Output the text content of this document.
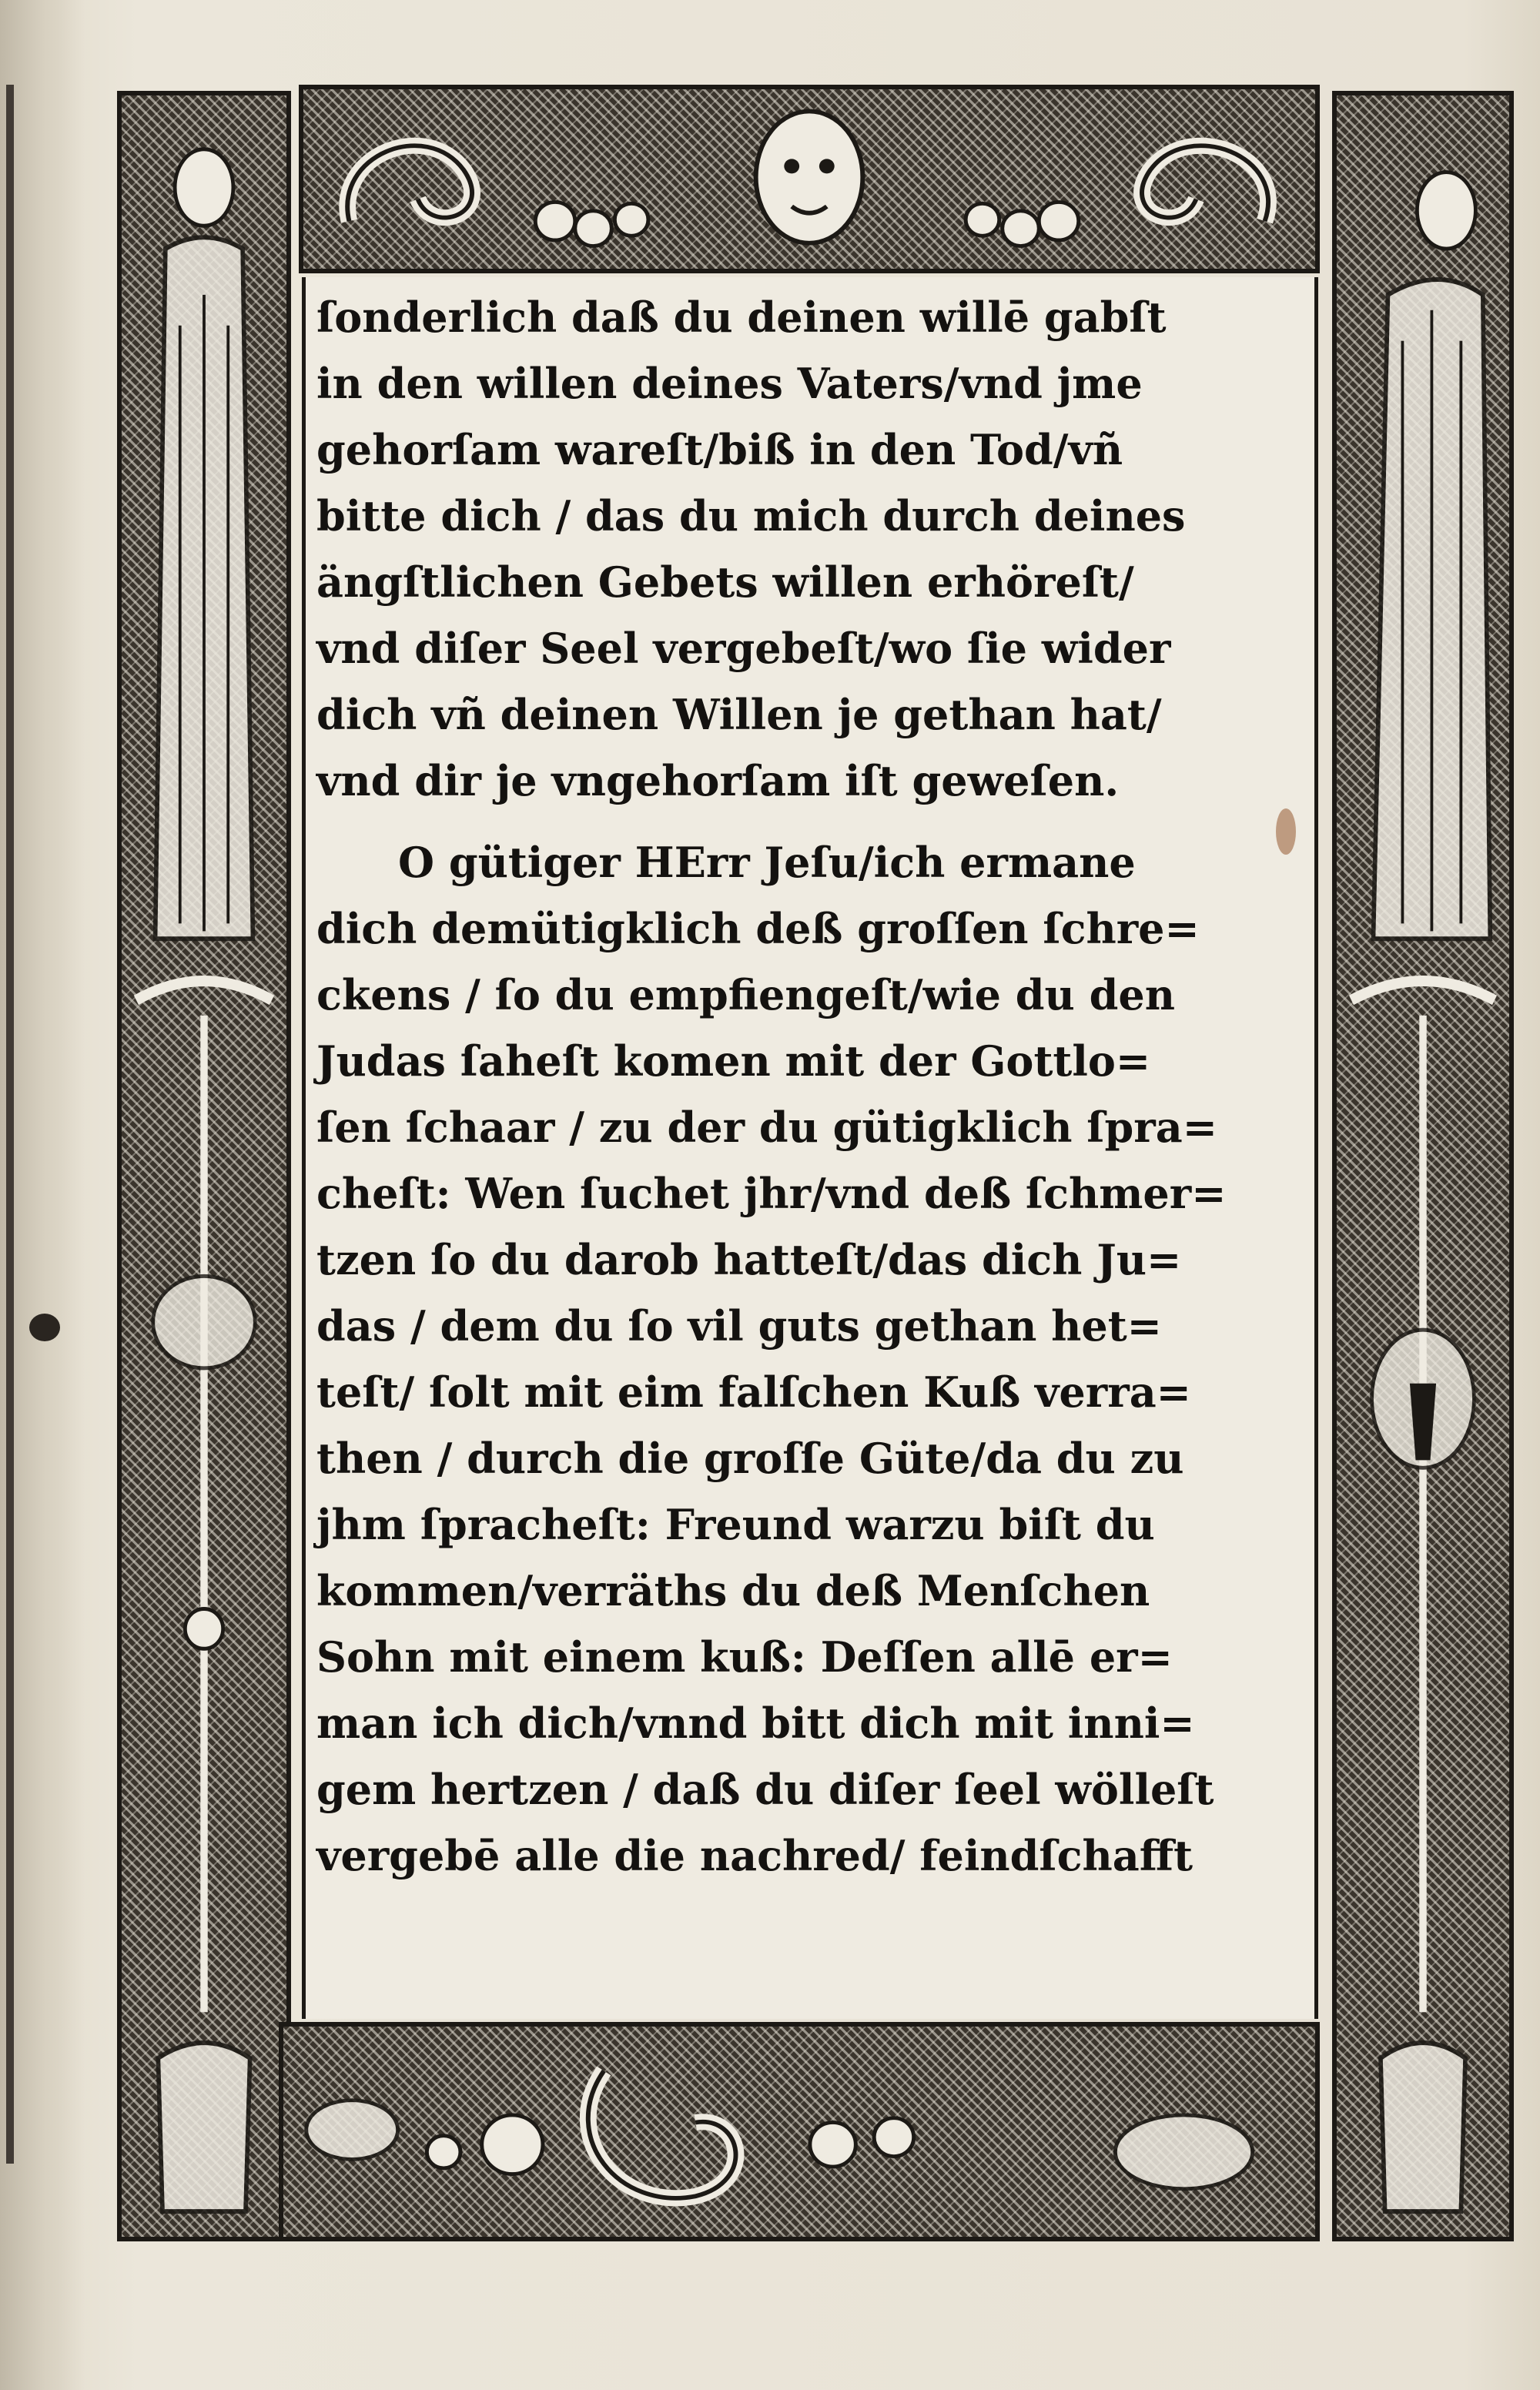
ſonderlich daß du deinen willē gabſt
in den willen deines Vaters/vnd jme
gehorſam wareſt/biß in den Tod/vñ
bitte dich / das du mich durch deines
ängſtlichen Gebets willen erhöreſt/
vnd diſer Seel vergebeſt/wo ſie wider
dich vñ deinen Willen je gethan hat/
vnd dir je vngehorſam iſt geweſen.
O gütiger HErr Jeſu/ich ermane
dich demütigklich deß groſſen ſchre=
ckens / ſo du empfiengeſt/wie du den
Judas ſaheſt komen mit der Gottlo=
ſen ſchaar / zu der du gütigklich ſpra=
cheſt: Wen ſuchet jhr/vnd deß ſchmer=
tzen ſo du darob hatteſt/das dich Ju=
das / dem du ſo vil guts gethan het=
teſt/ ſolt mit eim falſchen Kuß verra=
then / durch die groſſe Güte/da du zu
jhm ſpracheſt: Freund warzu biſt du
kommen/verräths du deß Menſchen
Sohn mit einem kuß: Deſſen allē er=
man ich dich/vnnd bitt dich mit inni=
gem hertzen / daß du diſer ſeel wölleſt
vergebē alle die nachred/ feindſchafft
